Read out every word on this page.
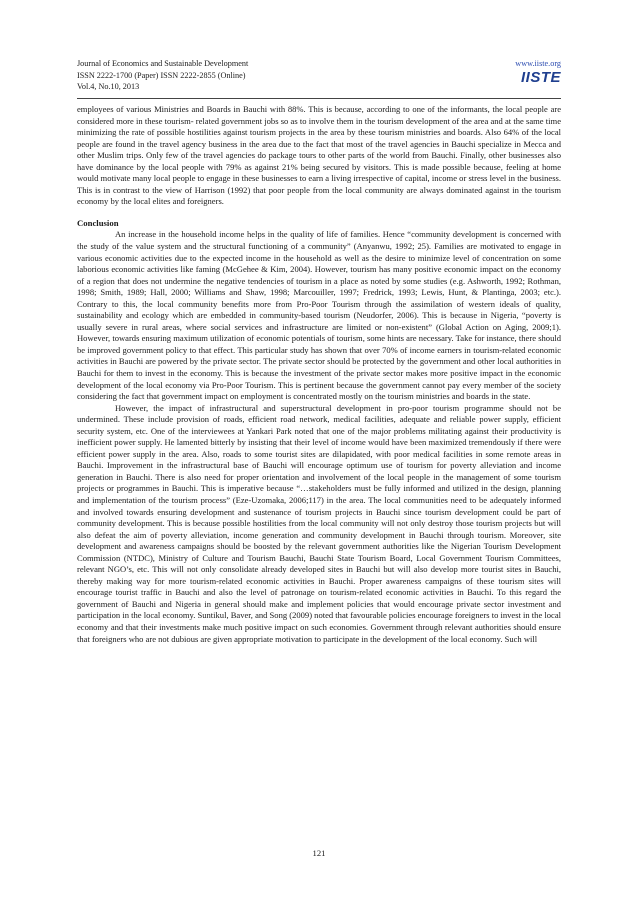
Journal of Economics and Sustainable Development
ISSN 2222-1700 (Paper) ISSN 2222-2855 (Online)
Vol.4, No.10, 2013
www.iiste.org
IISTE

employees of various Ministries and Boards in Bauchi with 88%. This is because, according to one of the informants, the local people are considered more in these tourism- related government jobs so as to involve them in the tourism development of the area and at the same time minimizing the rate of possible hostilities against tourism projects in the area by these tourism ministries and boards. Also 64% of the local people are found in the travel agency business in the area due to the fact that most of the travel agencies in Bauchi specialize in Mecca and other Muslim trips. Only few of the travel agencies do package tours to other parts of the world from Bauchi. Finally, other businesses also have dominance by the local people with 79% as against 21% being secured by visitors. This is made possible because, feeling at home would motivate many local people to engage in these businesses to earn a living irrespective of capital, income or stress level in the business. This is in contrast to the view of Harrison (1992) that poor people from the local community are always dominated against in the tourism economy by the local elites and foreigners.

Conclusion

An increase in the household income helps in the quality of life of families. Hence “community development is concerned with the study of the value system and the structural functioning of a community” (Anyanwu, 1992; 25). Families are motivated to engage in various economic activities due to the expected income in the household as well as the desire to minimize level of concentration on some laborious economic activities like faming (McGehee & Kim, 2004). However, tourism has many positive economic impact on the economy of a region that does not undermine the negative tendencies of tourism in a place as noted by some studies (e.g. Ashworth, 1992; Rothman, 1998; Smith, 1989; Hall, 2000; Williams and Shaw, 1998; Marcouiller, 1997; Fredrick, 1993; Lewis, Hunt, & Plantinga, 2003; etc.). Contrary to this, the local community benefits more from Pro-Poor Tourism through the assimilation of western ideals of quality, sustainability and ecology which are embedded in community-based tourism (Neudorfer, 2006). This is because in Nigeria, “poverty is usually severe in rural areas, where social services and infrastructure are limited or non-existent” (Global Action on Aging, 2009;1). However, towards ensuring maximum utilization of economic potentials of tourism, some hints are necessary. Take for instance, there should be improved government policy to that effect. This particular study has shown that over 70% of income earners in tourism-related economic activities in Bauchi are powered by the private sector. The private sector should be protected by the government and other local authorities in Bauchi for them to invest in the economy. This is because the investment of the private sector makes more positive impact in the economic development of the local economy via Pro-Poor Tourism. This is pertinent because the government cannot pay every member of the society considering the fact that government impact on employment is concentrated mostly on the tourism ministries and boards in the state.

However, the impact of infrastructural and superstructural development in pro-poor tourism programme should not be undermined. These include provision of roads, efficient road network, medical facilities, adequate and reliable power supply, efficient security system, etc. One of the interviewees at Yankari Park noted that one of the major problems militating against their productivity is inefficient power supply. He lamented bitterly by insisting that their level of income would have been maximized tremendously if there were efficient power supply in the area. Also, roads to some tourist sites are dilapidated, with poor medical facilities in some remote areas in Bauchi. Improvement in the infrastructural base of Bauchi will encourage optimum use of tourism for poverty alleviation and income generation in Bauchi. There is also need for proper orientation and involvement of the local people in the management of some tourism projects or programmes in Bauchi. This is imperative because “…stakeholders must be fully informed and utilized in the design, planning and implementation of the tourism process” (Eze-Uzomaka, 2006;117) in the area. The local communities need to be adequately informed and involved towards ensuring development and sustenance of tourism projects in Bauchi since tourism development could be part of community development. This is because possible hostilities from the local community will not only destroy those tourism projects but will also defeat the aim of poverty alleviation, income generation and community development in Bauchi through tourism. Moreover, site development and awareness campaigns should be boosted by the relevant government authorities like the Nigerian Tourism Development Commission (NTDC), Ministry of Culture and Tourism Bauchi, Bauchi State Tourism Board, Local Government Tourism Committees, relevant NGO’s, etc. This will not only consolidate already developed sites in Bauchi but will also develop more tourist sites in Bauchi, thereby making way for more tourism-related economic activities in Bauchi. Proper awareness campaigns of these tourism sites will encourage tourist traffic in Bauchi and also the level of patronage on tourism-related economic activities in Bauchi. To this regard the government of Bauchi and Nigeria in general should make and implement policies that would encourage private sector investment and participation in the local economy. Suntikul, Baver, and Song (2009) noted that favourable policies encourage foreigners to invest in the local economy and that their investments make much positive impact on such economies. Government through relevant authorities should ensure that foreigners who are not dubious are given appropriate motivation to participate in the development of the local economy. Such will

121
